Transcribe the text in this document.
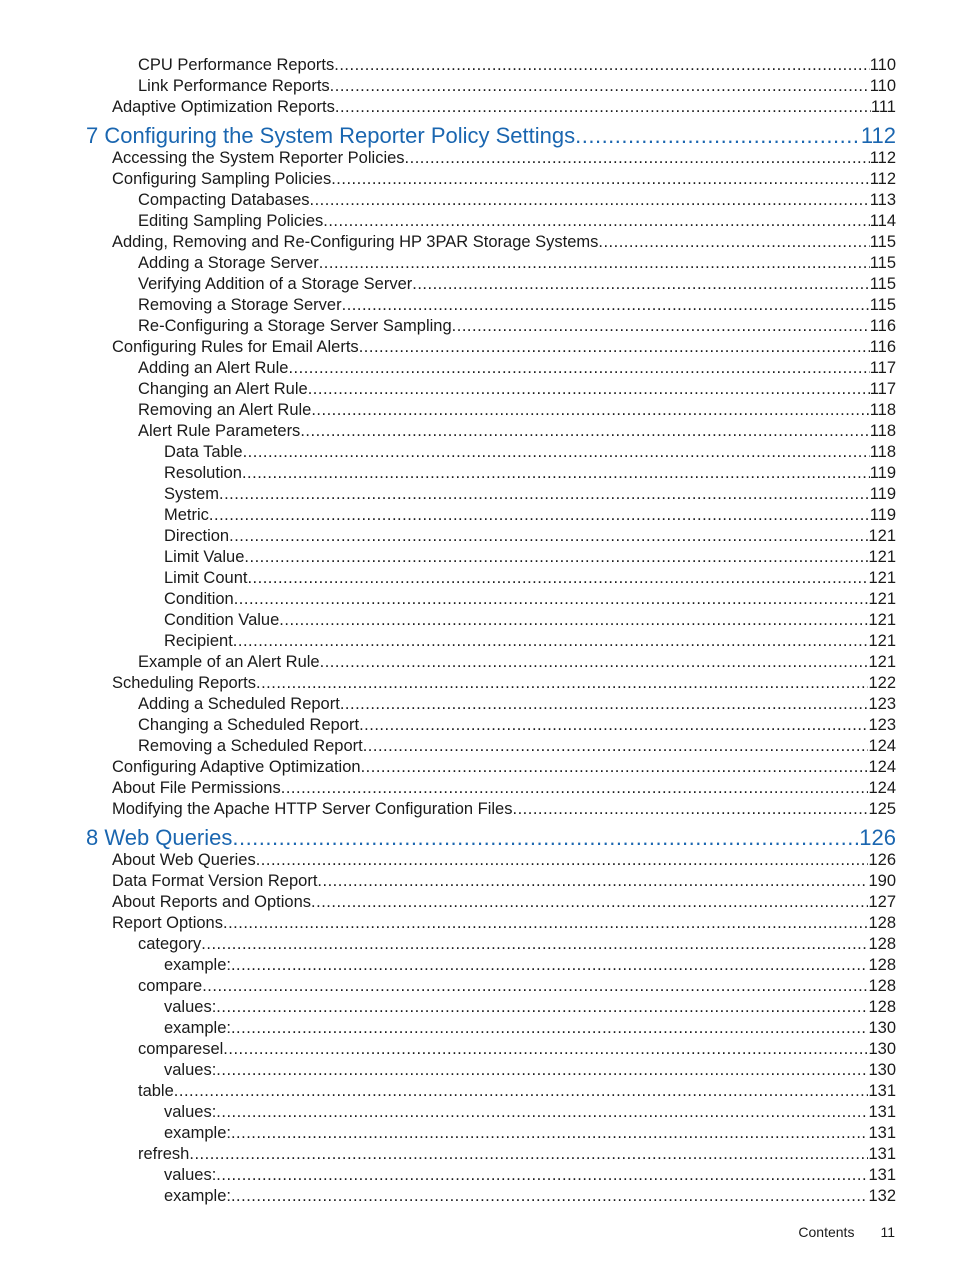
CPU Performance Reports .....	110
Link Performance Reports .....	110
Adaptive Optimization Reports .....	111
7 Configuring the System Reporter Policy Settings .....	112
Accessing the System Reporter Policies .....	112
Configuring Sampling Policies .....	112
Compacting Databases .....	113
Editing Sampling Policies .....	114
Adding, Removing and Re-Configuring HP 3PAR Storage Systems .....	115
Adding a Storage Server .....	115
Verifying Addition of a Storage Server .....	115
Removing a Storage Server .....	115
Re-Configuring a Storage Server Sampling .....	116
Configuring Rules for Email Alerts .....	116
Adding an Alert Rule .....	117
Changing an Alert Rule .....	117
Removing an Alert Rule .....	118
Alert Rule Parameters .....	118
Data Table .....	118
Resolution .....	119
System .....	119
Metric .....	119
Direction .....	121
Limit Value .....	121
Limit Count .....	121
Condition .....	121
Condition Value .....	121
Recipient .....	121
Example of an Alert Rule .....	121
Scheduling Reports .....	122
Adding a Scheduled Report .....	123
Changing a Scheduled Report .....	123
Removing a Scheduled Report .....	124
Configuring Adaptive Optimization .....	124
About File Permissions .....	124
Modifying the Apache HTTP Server Configuration Files .....	125
8 Web Queries .....	126
About Web Queries .....	126
Data Format Version Report .....	190
About Reports and Options .....	127
Report Options .....	128
category .....	128
example: .....	128
compare .....	128
values: .....	128
example: .....	130
comparesel .....	130
values: .....	130
table .....	131
values: .....	131
example: .....	131
refresh .....	131
values: .....	131
example: .....	132
Contents 11
